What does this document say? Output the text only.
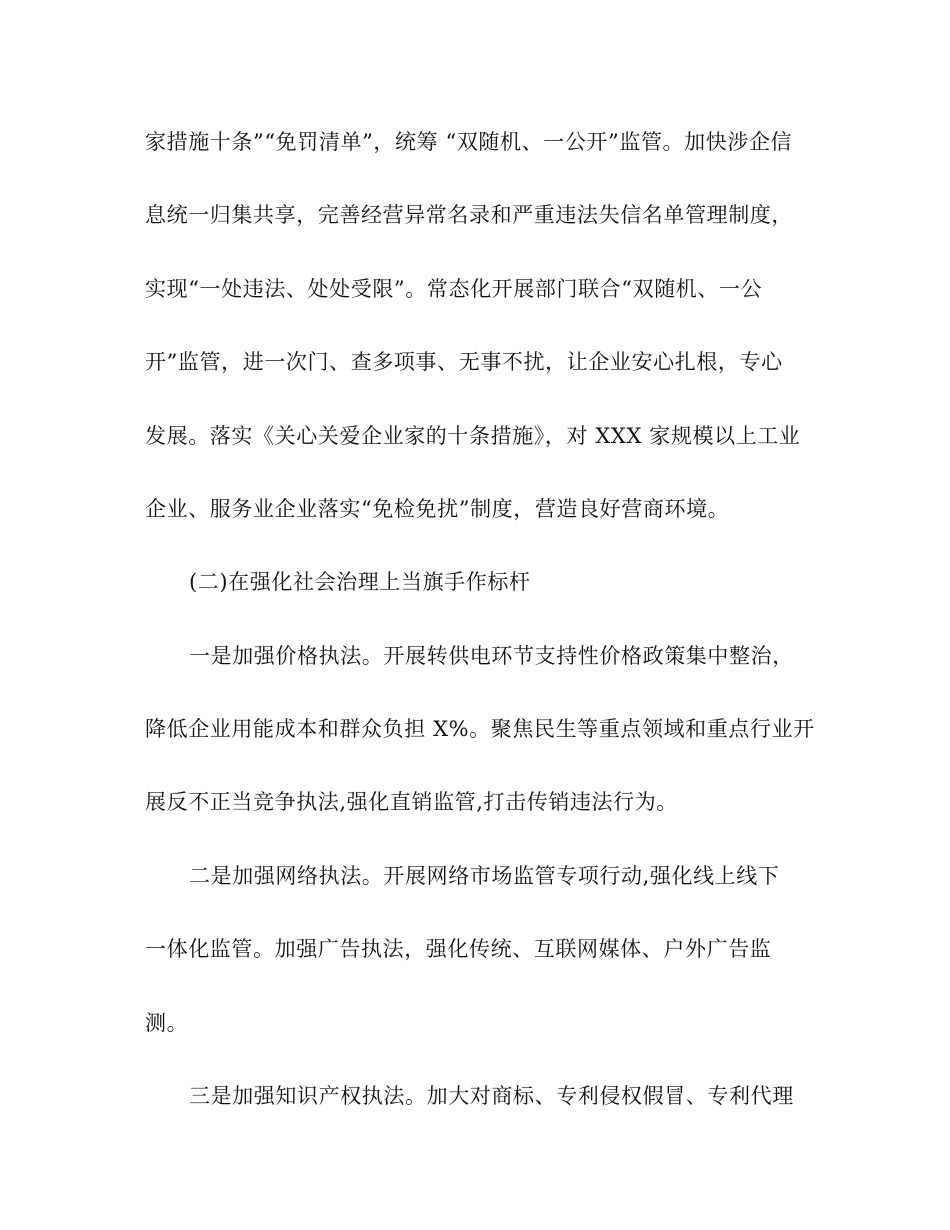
家措施十条”“免罚清单”，统筹 “双随机、一公开”监管。加快涉企信
息统一归集共享，完善经营异常名录和严重违法失信名单管理制度，
实现“一处违法、处处受限”。常态化开展部门联合“双随机、一公
开”监管，进一次门、查多项事、无事不扰，让企业安心扎根，专心
发展。落实《关心关爱企业家的十条措施》，对 XXX 家规模以上工业
企业、服务业企业落实“免检免扰”制度，营造良好营商环境。
(二)在强化社会治理上当旗手作标杆
一是加强价格执法。开展转供电环节支持性价格政策集中整治，
降低企业用能成本和群众负担 X%。聚焦民生等重点领域和重点行业开
展反不正当竞争执法,强化直销监管,打击传销违法行为。
二是加强网络执法。开展网络市场监管专项行动,强化线上线下
一体化监管。加强广告执法，强化传统、互联网媒体、户外广告监
测。
三是加强知识产权执法。加大对商标、专利侵权假冒、专利代理
